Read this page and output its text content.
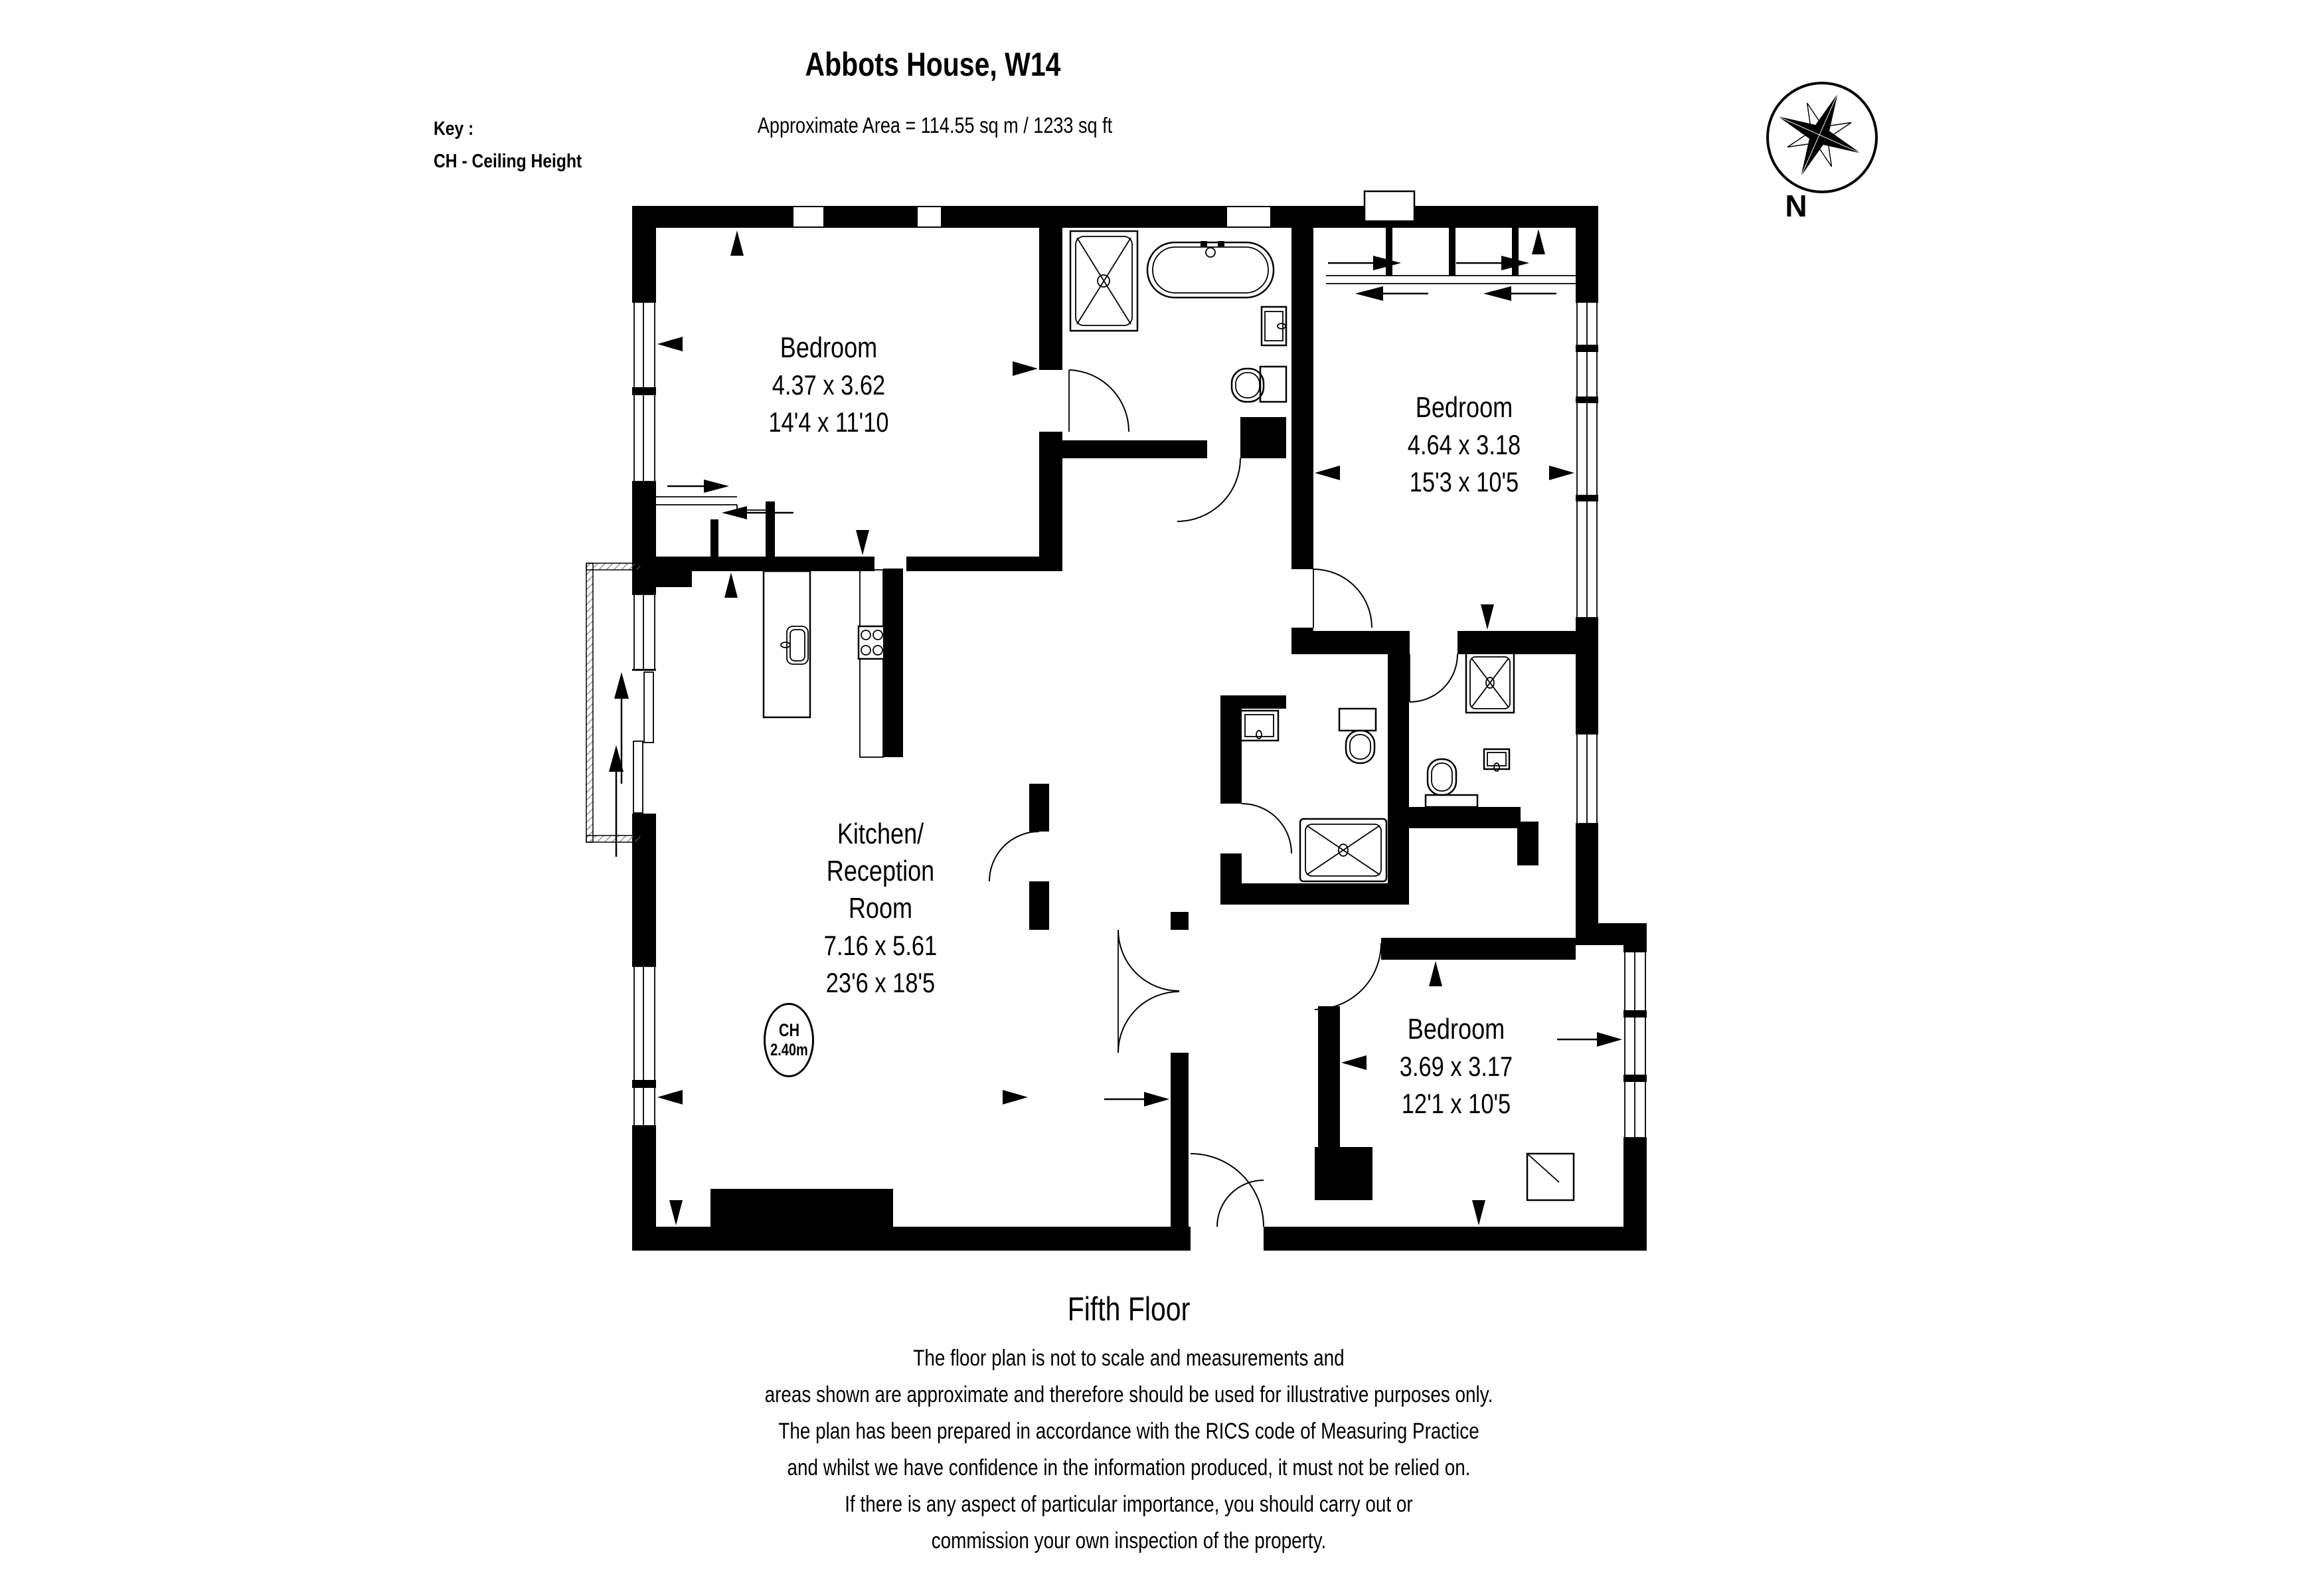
Abbots House, W14
Approximate Area = 114.55 sq m / 1233 sq ft
Key :
CH - Ceiling Height
N
Bedroom
4.37 x 3.62
14'4 x 11'10	Bedroom
4.64 x 3.18
15'3 x 10'5
Kitchen/
Reception
Room
7.16 x 5.61
23'6 x 18'5
Bedroom
3.69 x 3.17
12'1 x 10'5
CH
2.40m
Fifth Floor
The floor plan is not to scale and measurements and
areas shown are approximate and therefore should be used for illustrative purposes only.
The plan has been prepared in accordance with the RICS code of Measuring Practice
and whilst we have confidence in the information produced, it must not be relied on.
If there is any aspect of particular importance, you should carry out or
commission your own inspection of the property.
